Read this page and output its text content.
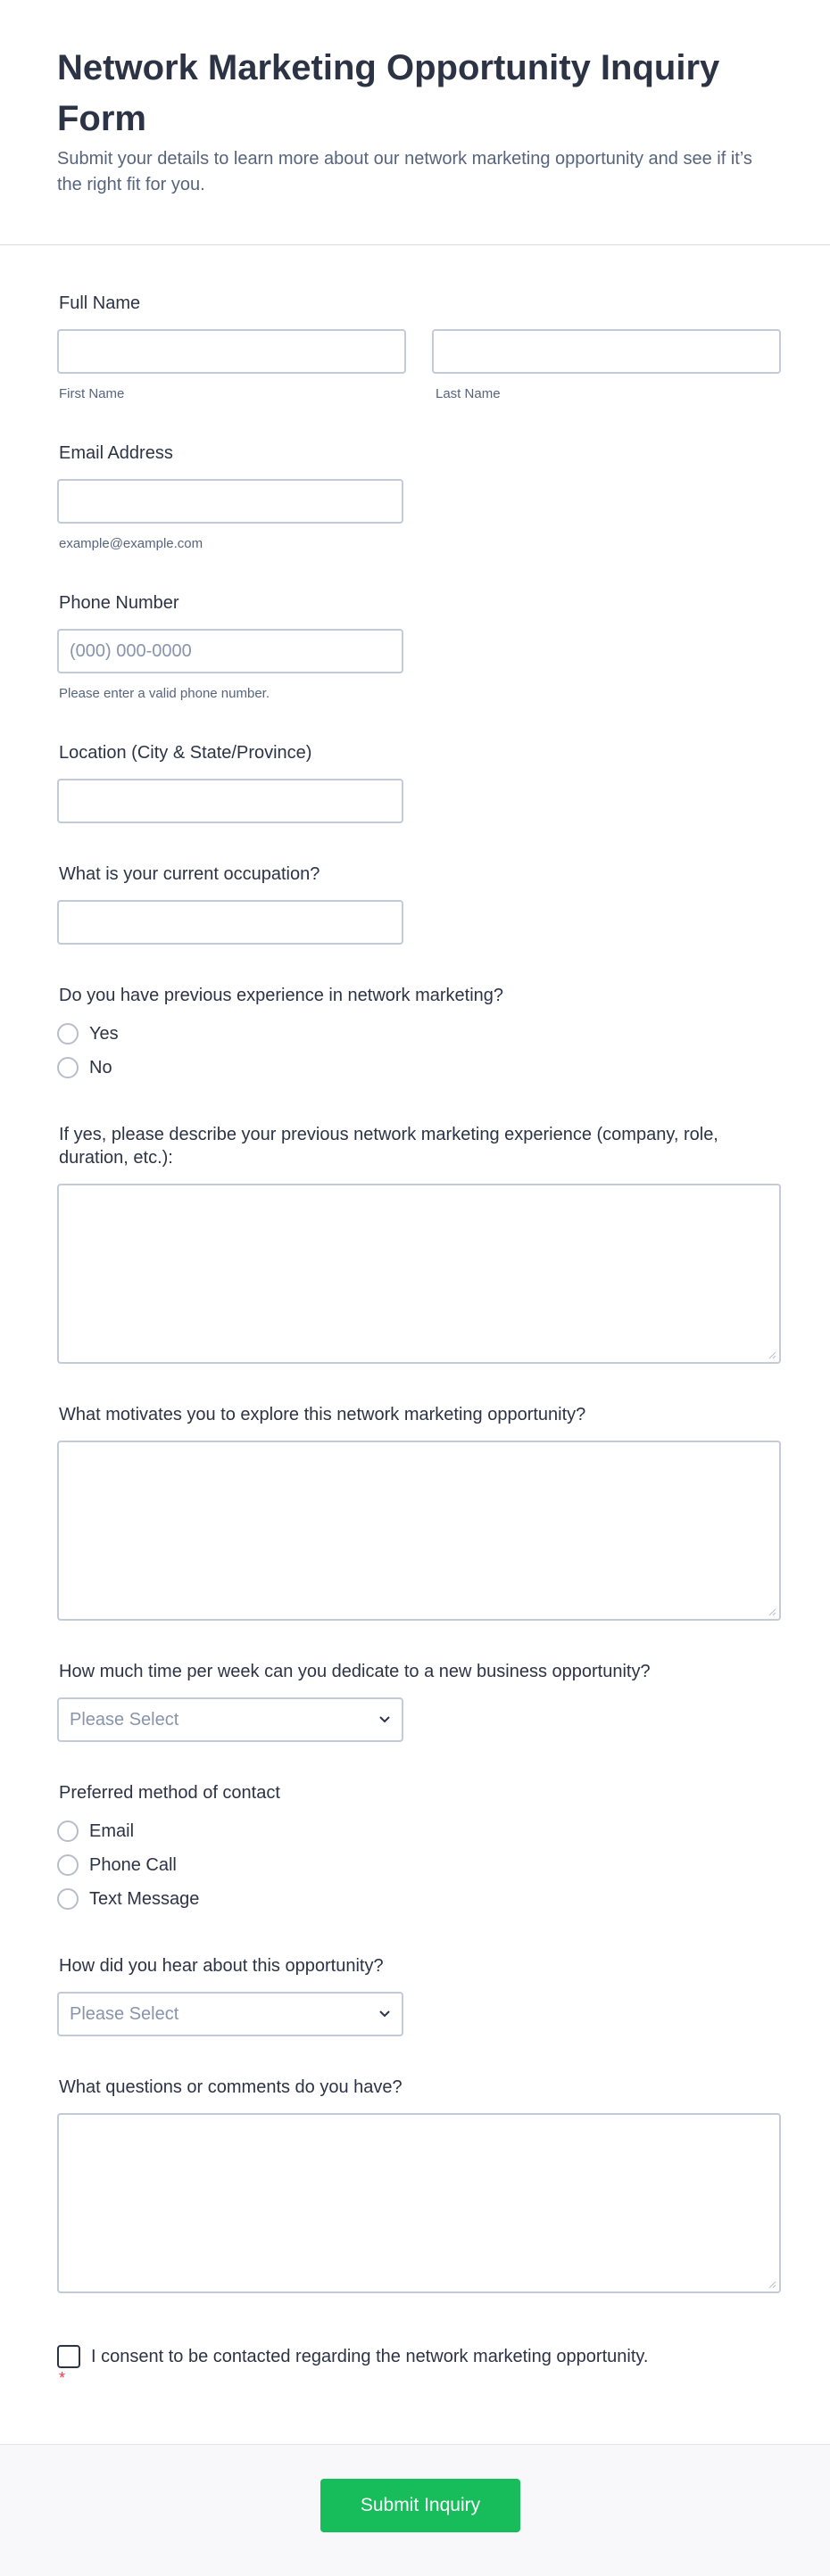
Network Marketing Opportunity Inquiry Form

Submit your details to learn more about our network marketing opportunity and see if it’s the right fit for you.

Full Name
First Name	Last Name
Email Address
example@example.com
Phone Number
(000) 000-0000
Please enter a valid phone number.
Location (City & State/Province)
What is your current occupation?
Do you have previous experience in network marketing?
Yes
No
If yes, please describe your previous network marketing experience (company, role, duration, etc.):
What motivates you to explore this network marketing opportunity?
How much time per week can you dedicate to a new business opportunity?
Please Select
Preferred method of contact
Email
Phone Call
Text Message
How did you hear about this opportunity?
Please Select
What questions or comments do you have?
*
I consent to be contacted regarding the network marketing opportunity.
Submit Inquiry
